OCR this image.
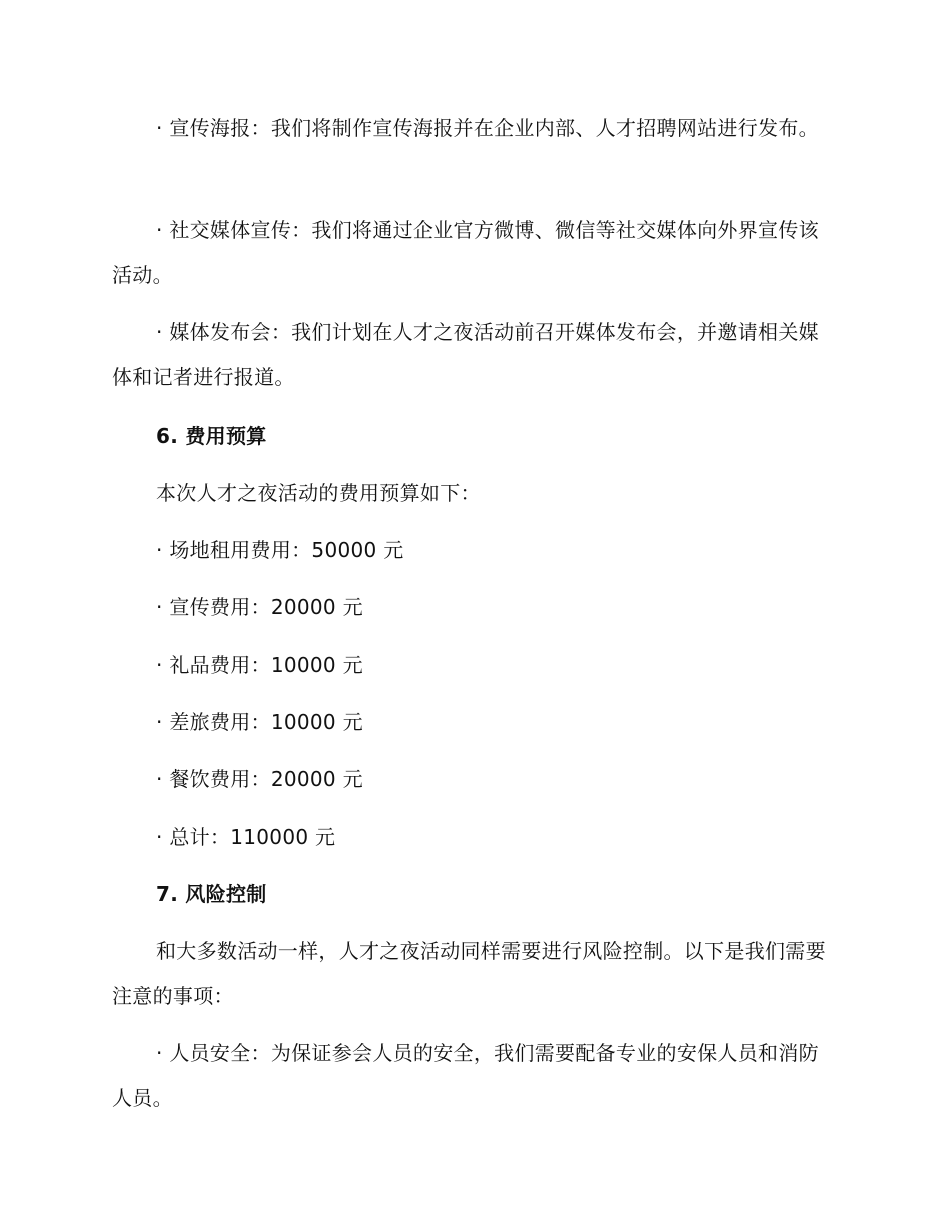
· 宣传海报：我们将制作宣传海报并在企业内部、人才招聘网站进行发布。

· 社交媒体宣传：我们将通过企业官方微博、微信等社交媒体向外界宣传该活动。

· 媒体发布会：我们计划在人才之夜活动前召开媒体发布会，并邀请相关媒体和记者进行报道。

6. 费用预算

本次人才之夜活动的费用预算如下：

· 场地租用费用：50000 元

· 宣传费用：20000 元

· 礼品费用：10000 元

· 差旅费用：10000 元

· 餐饮费用：20000 元

· 总计：110000 元

7. 风险控制

和大多数活动一样，人才之夜活动同样需要进行风险控制。以下是我们需要注意的事项：

· 人员安全：为保证参会人员的安全，我们需要配备专业的安保人员和消防人员。
